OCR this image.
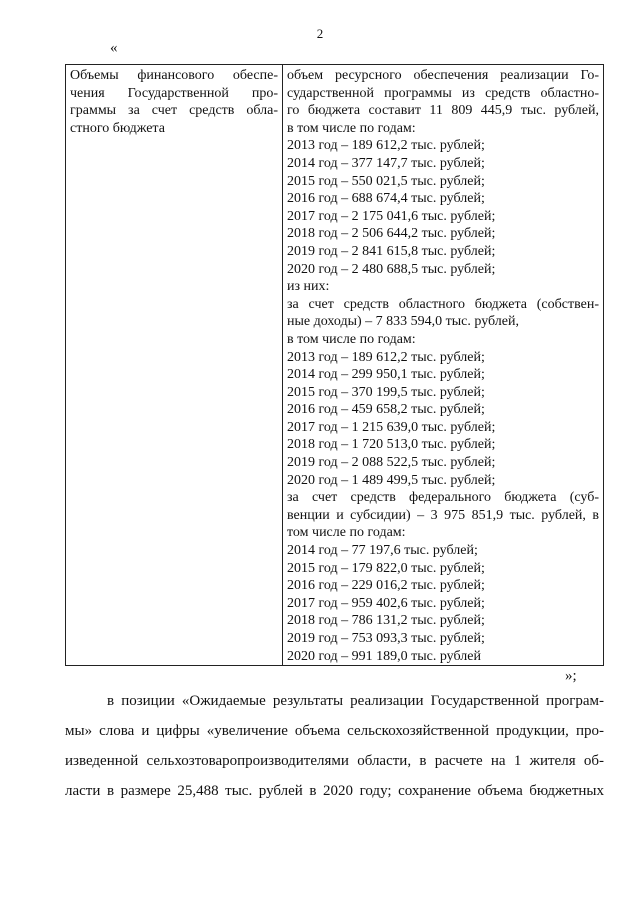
2
«
Объемы финансового обеспе-
чения Государственной про-
граммы за счет средств обла-
стного бюджета

объем ресурсного обеспечения реализации Го-
сударственной программы из средств областно-
го бюджета составит 11 809 445,9 тыс. рублей,
в том числе по годам:
2013 год – 189 612,2 тыс. рублей;
2014 год – 377 147,7 тыс. рублей;
2015 год – 550 021,5 тыс. рублей;
2016 год – 688 674,4 тыс. рублей;
2017 год – 2 175 041,6 тыс. рублей;
2018 год – 2 506 644,2 тыс. рублей;
2019 год – 2 841 615,8 тыс. рублей;
2020 год – 2 480 688,5 тыс. рублей;
из них:
за счет средств областного бюджета (собствен-
ные доходы) – 7 833 594,0 тыс. рублей,
в том числе по годам:
2013 год – 189 612,2 тыс. рублей;
2014 год – 299 950,1 тыс. рублей;
2015 год – 370 199,5 тыс. рублей;
2016 год – 459 658,2 тыс. рублей;
2017 год – 1 215 639,0 тыс. рублей;
2018 год – 1 720 513,0 тыс. рублей;
2019 год – 2 088 522,5 тыс. рублей;
2020 год – 1 489 499,5 тыс. рублей;
за счет средств федерального бюджета (суб-
венции и субсидии) – 3 975 851,9 тыс. рублей, в
том числе по годам:
2014 год – 77 197,6 тыс. рублей;
2015 год – 179 822,0 тыс. рублей;
2016 год – 229 016,2 тыс. рублей;
2017 год – 959 402,6 тыс. рублей;
2018 год – 786 131,2 тыс. рублей;
2019 год – 753 093,3 тыс. рублей;
2020 год – 991 189,0 тыс. рублей
»;
в позиции «Ожидаемые результаты реализации Государственной програм-
мы» слова и цифры «увеличение объема сельскохозяйственной продукции, про-
изведенной сельхозтоваропроизводителями области, в расчете на 1 жителя об-
ласти в размере 25,488 тыс. рублей в 2020 году; сохранение объема бюджетных
